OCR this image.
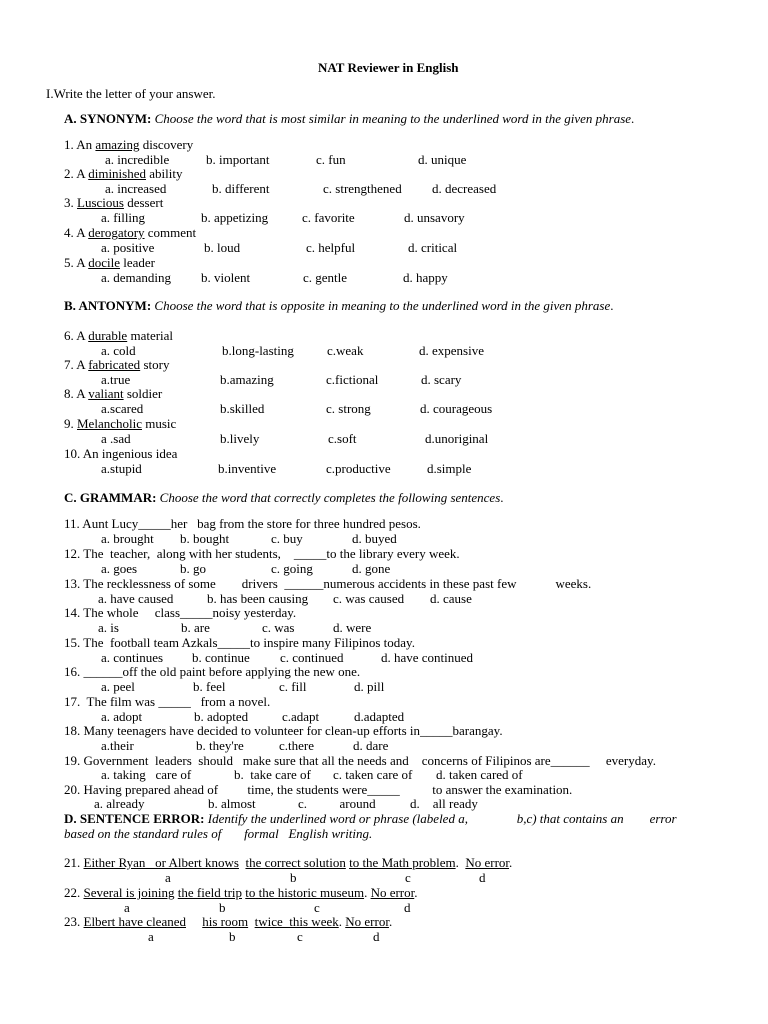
NAT Reviewer in English
I.Write the letter of your answer.
A. SYNONYM: Choose the word that is most similar in meaning to the underlined word in the given phrase.
1. An amazing discovery
a. incredible	b. important	c. fun	d. unique
2. A diminished ability
a. increased	b. different	c. strengthened d. decreased
3. Luscious dessert
a. filling	b. appetizing	c. favorite	d. unsavory
4. A derogatory comment
a. positive	b. loud	c. helpful	d. critical
5. A docile leader
a. demanding b. violent	c. gentle	d. happy
B. ANTONYM: Choose the word that is opposite in meaning to the underlined word in the given phrase.
6. A durable material
a. cold	b.long-lasting	c.weak	d. expensive
7. A fabricated story
a.true	b.amazing	c.fictional	d. scary
8. A valiant soldier
a.scared	b.skilled	c. strong	d. courageous
9. Melancholic music
a .sad	b.lively	c.soft	d.unoriginal
10. An ingenious idea
a.stupid	b.inventive	c.productive	d.simple
C. GRAMMAR: Choose the word that correctly completes the following sentences.
11. Aunt Lucy_____her   bag from the store for three hundred pesos.
a. brought b. bought	c. buy	d. buyed
12. The  teacher,  along with her students,    _____to the library every week.
a. goes	b. go	c. going	d. gone
13. The recklessness of some        drivers  ______numerous accidents in these past few            weeks.
a. have caused	b. has been causing c. was caused d. cause
14. The whole     class_____noisy yesterday.
a. is	b. are	c. was	d. were
15. The  football team Azkals_____to inspire many Filipinos today.
a. continues b. continue c. continued	d. have continued
16. ______off the old paint before applying the new one.
a. peel	b. feel	c. fill	d. pill
17.  The film was _____   from a novel.
a. adopt	b. adopted	c.adapt	d.adapted
18. Many teenagers have decided to volunteer for clean-up efforts in_____barangay.
a.their	b. they're	c.there	d. dare
19. Government  leaders  should   make sure that all the needs and    concerns of Filipinos are______     everyday.
a. taking   care of	b.  take care of c. taken care of d. taken cared of
20. Having prepared ahead of         time, the students were_____          to answer the examination.
a. already	b. almost	c.          around	d.    all ready
D. SENTENCE ERROR: Identify the underlined word or phrase (labeled a,               b,c) that contains an        error
based on the standard rules of       formal   English writing.
21. Either Ryan   or Albert knows the correct solution to the Math problem.  No error.
a	b	c	d
22. Several is joining the field trip to the historic museum. No error.
a	b	c	d
23. Elbert have cleaned his room twice  this week. No error.
a	b	c	d
